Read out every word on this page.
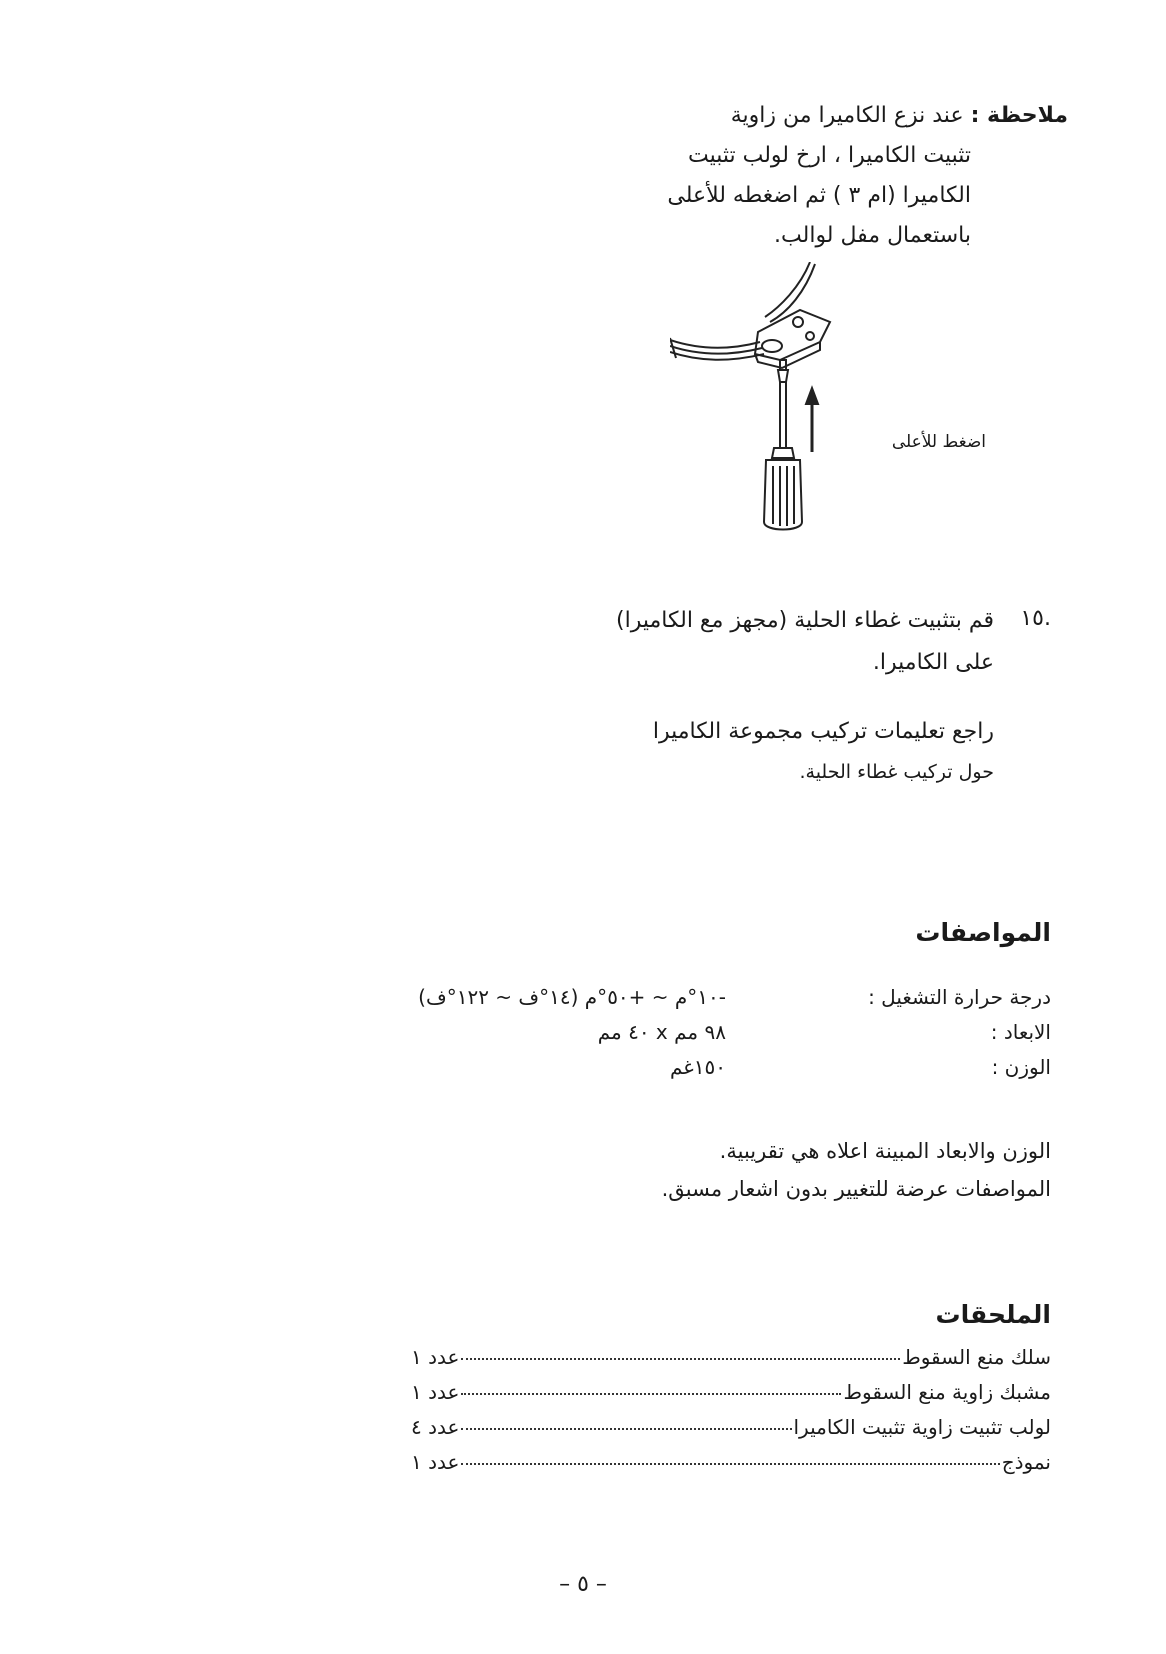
ملاحظة : عند نزع الكاميرا من زاوية
تثبيت الكاميرا ، ارخ لولب تثبيت
الكاميرا (ام ٣ ) ثم اضغطه للأعلى
باستعمال مفل لوالب.
اضغط للأعلى
١٥.
قم بتثبيت غطاء الحلية (مجهز مع الكاميرا)
على الكاميرا.
راجع تعليمات تركيب مجموعة الكاميرا
حول تركيب غطاء الحلية.
المواصفات
درجة حرارة التشغيل :
-١٠°م ~ +٥٠°م (١٤°ف ~ ١٢٢°ف)
الابعاد :
٩٨ مم x ٤٠ مم
الوزن :
١٥٠غم
الوزن والابعاد المبينة اعلاه هي تقريبية.
المواصفات عرضة للتغيير بدون اشعار مسبق.
الملحقات
سلك منع السقوط
عدد ١
مشبك زاوية منع السقوط
عدد ١
لولب تثبيت زاوية تثبيت الكاميرا
عدد ٤
نموذج
عدد ١
– ٥ –
